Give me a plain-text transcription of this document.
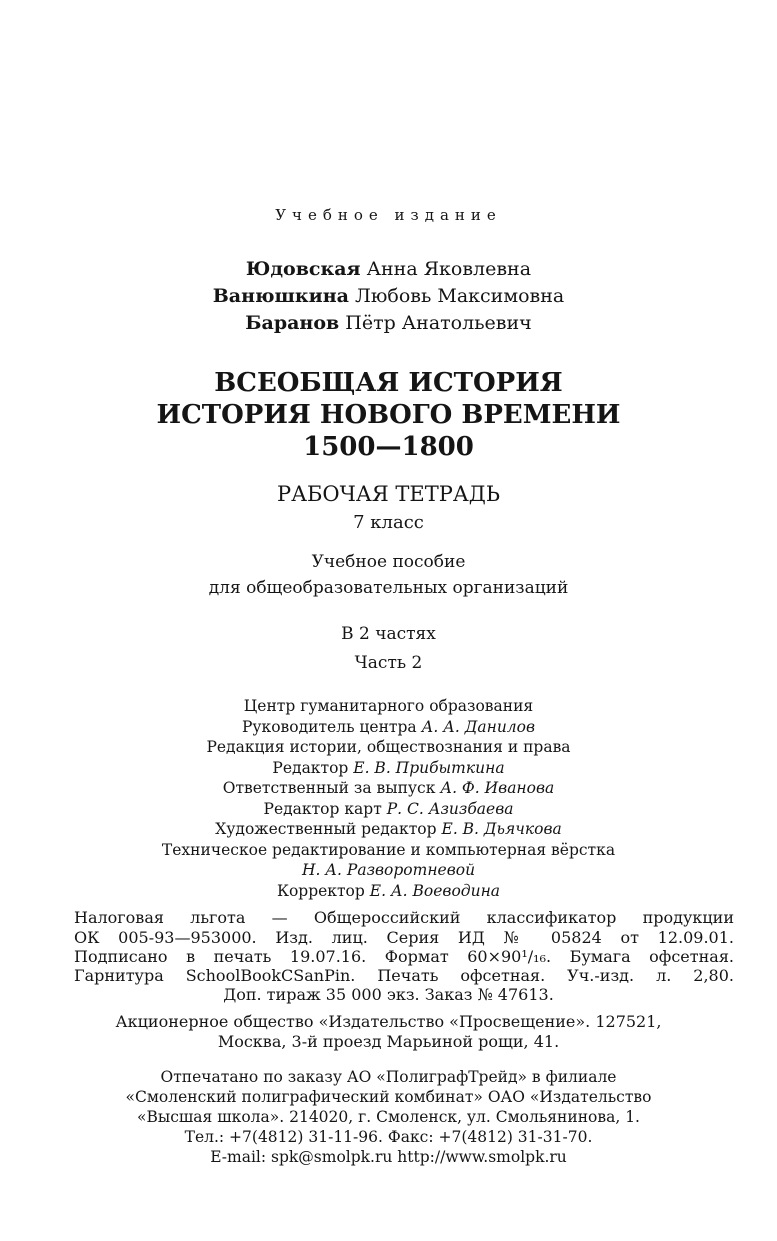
Учебное издание
Юдовская Анна Яковлевна
Ванюшкина Любовь Максимовна
Баранов Пётр Анатольевич
ВСЕОБЩАЯ ИСТОРИЯ
ИСТОРИЯ НОВОГО ВРЕМЕНИ
1500—1800
РАБОЧАЯ ТЕТРАДЬ
7 класс
Учебное пособие
для общеобразовательных организаций
В 2 частях
Часть 2
Центр гуманитарного образования
Руководитель центра А. А. Данилов
Редакция истории, обществознания и права
Редактор Е. В. Прибыткина
Ответственный за выпуск А. Ф. Иванова
Редактор карт Р. С. Азизбаева
Художественный редактор Е. В. Дьячкова
Техническое редактирование и компьютерная вёрстка
Н. А. Разворотневой
Корректор Е. А. Воеводина
Налоговая льгота — Общероссийский классификатор продукции
ОК 005-93—953000. Изд. лиц. Серия ИД № 05824 от 12.09.01.
Подписано в печать 19.07.16. Формат 60×90¹/₁₆. Бумага офсетная.
Гарнитура SchoolBookCSanPin. Печать офсетная. Уч.-изд. л. 2,80.
Доп. тираж 35 000 экз. Заказ № 47613.
Акционерное общество «Издательство «Просвещение». 127521,
Москва, 3-й проезд Марьиной рощи, 41.
Отпечатано по заказу АО «ПолиграфТрейд» в филиале
«Смоленский полиграфический комбинат» ОАО «Издательство
«Высшая школа». 214020, г. Смоленск, ул. Смольянинова, 1.
Тел.: +7(4812) 31-11-96. Факс: +7(4812) 31-31-70.
E-mail: spk@smolpk.ru http://www.smolpk.ru
